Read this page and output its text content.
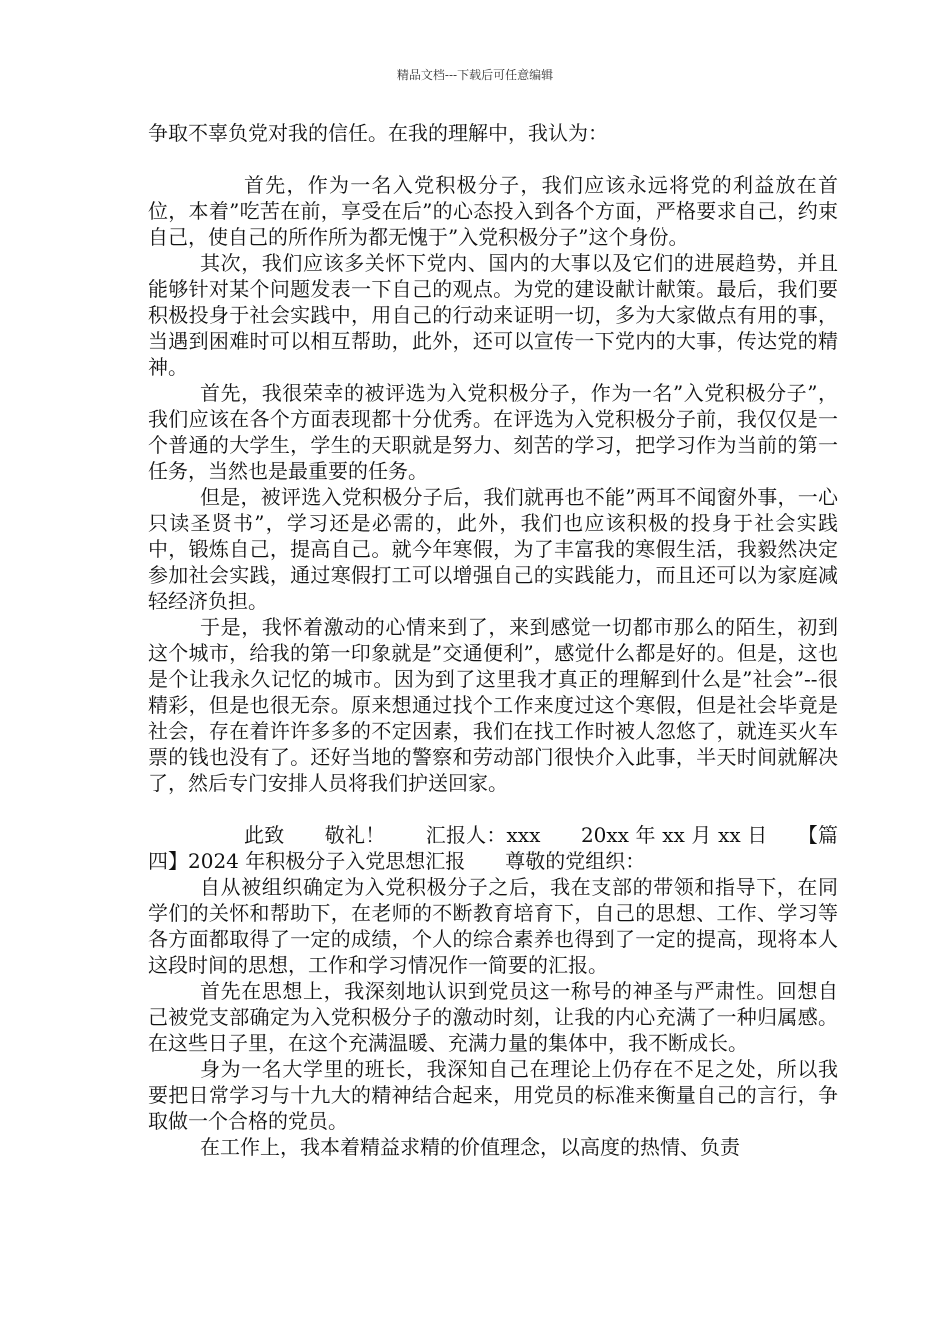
精品文档---下载后可任意编辑

争取不辜负党对我的信任。在我的理解中，我认为：

首先，作为一名入党积极分子，我们应该永远将党的利益放在首位，本着”吃苦在前，享受在后”的心态投入到各个方面，严格要求自己，约束自己，使自己的所作所为都无愧于”入党积极分子”这个身份。

其次，我们应该多关怀下党内、国内的大事以及它们的进展趋势，并且能够针对某个问题发表一下自己的观点。为党的建设献计献策。最后，我们要积极投身于社会实践中，用自己的行动来证明一切，多为大家做点有用的事，当遇到困难时可以相互帮助，此外，还可以宣传一下党内的大事，传达党的精神。

首先，我很荣幸的被评选为入党积极分子，作为一名”入党积极分子”，我们应该在各个方面表现都十分优秀。在评选为入党积极分子前，我仅仅是一个普通的大学生，学生的天职就是努力、刻苦的学习，把学习作为当前的第一任务，当然也是最重要的任务。

但是，被评选入党积极分子后，我们就再也不能”两耳不闻窗外事，一心只读圣贤书”，学习还是必需的，此外，我们也应该积极的投身于社会实践中，锻炼自己，提高自己。就今年寒假，为了丰富我的寒假生活，我毅然决定参加社会实践，通过寒假打工可以增强自己的实践能力，而且还可以为家庭减轻经济负担。

于是，我怀着激动的心情来到了，来到感觉一切都市那么的陌生，初到这个城市，给我的第一印象就是”交通便利”，感觉什么都是好的。但是，这也是个让我永久记忆的城市。因为到了这里我才真正的理解到什么是”社会”--很精彩，但是也很无奈。原来想通过找个工作来度过这个寒假，但是社会毕竟是社会，存在着许许多多的不定因素，我们在找工作时被人忽悠了，就连买火车票的钱也没有了。还好当地的警察和劳动部门很快介入此事，半天时间就解决了，然后专门安排人员将我们护送回家。

此致　　敬礼！　　汇报人：xxx　　20xx 年 xx 月 xx 日　　【篇四】2024 年积极分子入党思想汇报　　尊敬的党组织：

自从被组织确定为入党积极分子之后，我在支部的带领和指导下，在同学们的关怀和帮助下，在老师的不断教育培育下，自己的思想、工作、学习等各方面都取得了一定的成绩，个人的综合素养也得到了一定的提高，现将本人这段时间的思想，工作和学习情况作一简要的汇报。

首先在思想上，我深刻地认识到党员这一称号的神圣与严肃性。回想自己被党支部确定为入党积极分子的激动时刻，让我的内心充满了一种归属感。在这些日子里，在这个充满温暖、充满力量的集体中，我不断成长。

身为一名大学里的班长，我深知自己在理论上仍存在不足之处，所以我要把日常学习与十九大的精神结合起来，用党员的标准来衡量自己的言行，争取做一个合格的党员。

在工作上，我本着精益求精的价值理念，以高度的热情、负责
